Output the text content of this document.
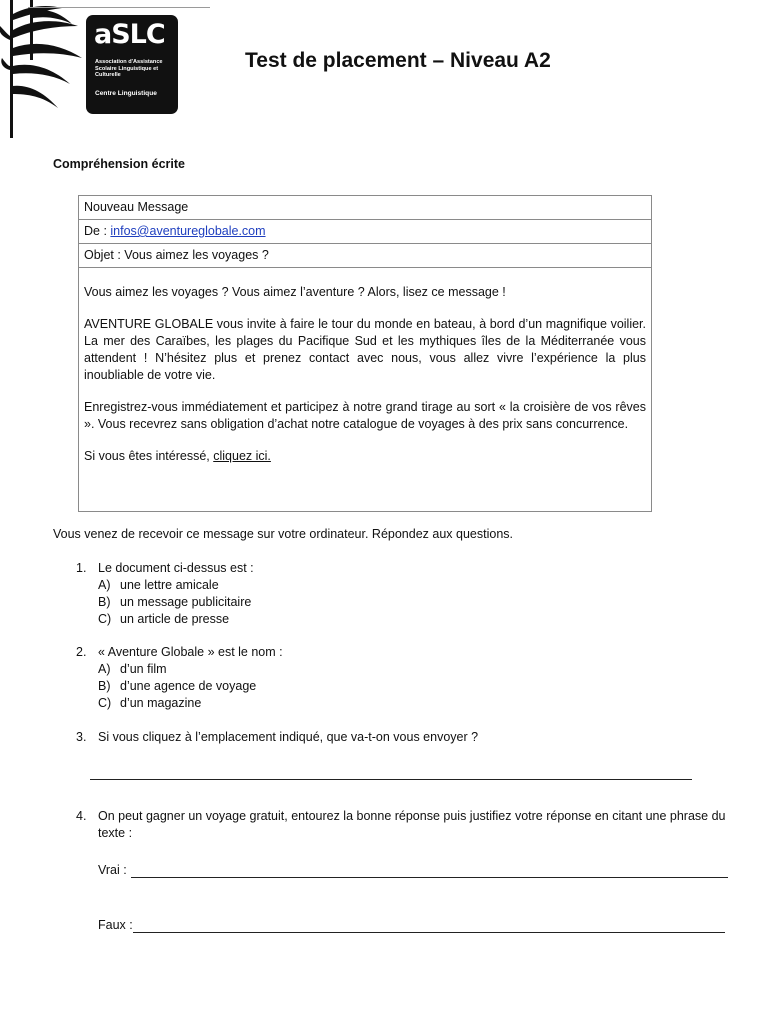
aSLC
Association d'Assistance Scolaire Linguistique et Culturelle
Centre Linguistique
Test de placement – Niveau A2
Compréhension écrite
Nouveau Message
De : infos@aventureglobale.com
Objet : Vous aimez les voyages ?

Vous aimez les voyages ? Vous aimez l’aventure ? Alors, lisez ce message !

AVENTURE GLOBALE vous invite à faire le tour du monde en bateau, à bord d’un magnifique voilier. La mer des Caraïbes, les plages du Pacifique Sud et les mythiques îles de la Méditerranée vous attendent ! N’hésitez plus et prenez contact avec nous, vous allez vivre l’expérience la plus inoubliable de votre vie.

Enregistrez-vous immédiatement et participez à notre grand tirage au sort « la croisière de vos rêves ». Vous recevrez sans obligation d’achat notre catalogue de voyages à des prix sans concurrence.

Si vous êtes intéressé, cliquez ici.

Vous venez de recevoir ce message sur votre ordinateur. Répondez aux questions.
1. Le document ci-dessus est :
A) une lettre amicale
B) un message publicitaire
C) un article de presse
2. « Aventure Globale » est le nom :
A) d’un film
B) d’une agence de voyage
C) d’un magazine
3. Si vous cliquez à l’emplacement indiqué, que va-t-on vous envoyer ?
4. On peut gagner un voyage gratuit, entourez la bonne réponse puis justifiez votre réponse en citant une phrase du texte :
Vrai :
Faux :
